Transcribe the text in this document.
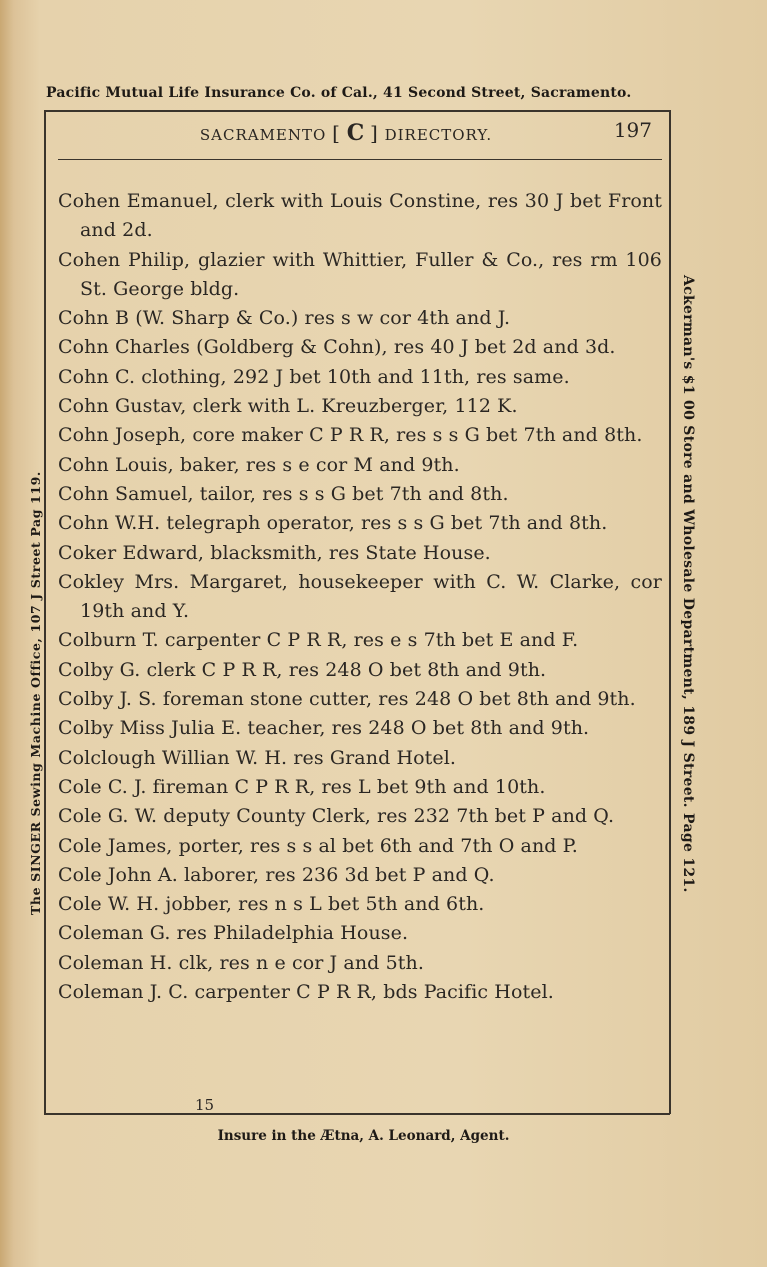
Pacific Mutual Life Insurance Co. of Cal., 41 Second Street, Sacramento.
SACRAMENTO [ C ] DIRECTORY.	197
Cohen Emanuel, clerk with Louis Constine, res 30 J bet Front and 2d.
Cohen Philip, glazier with Whittier, Fuller & Co., res rm 106 St. George bldg.
Cohn B (W. Sharp & Co.) res s w cor 4th and J.
Cohn Charles (Goldberg & Cohn), res 40 J bet 2d and 3d.
Cohn C. clothing, 292 J bet 10th and 11th, res same.
Cohn Gustav, clerk with L. Kreuzberger, 112 K.
Cohn Joseph, core maker C P R R, res s s G bet 7th and 8th.
Cohn Louis, baker, res s e cor M and 9th.
Cohn Samuel, tailor, res s s G bet 7th and 8th.
Cohn W.H. telegraph operator, res s s G bet 7th and 8th.
Coker Edward, blacksmith, res State House.
Cokley Mrs. Margaret, housekeeper with C. W. Clarke, cor 19th and Y.
Colburn T. carpenter C P R R, res e s 7th bet E and F.
Colby G. clerk C P R R, res 248 O bet 8th and 9th.
Colby J. S. foreman stone cutter, res 248 O bet 8th and 9th.
Colby Miss Julia E. teacher, res 248 O bet 8th and 9th.
Colclough Willian W. H. res Grand Hotel.
Cole C. J. fireman C P R R, res L bet 9th and 10th.
Cole G. W. deputy County Clerk, res 232 7th bet P and Q.
Cole James, porter, res s s al bet 6th and 7th O and P.
Cole John A. laborer, res 236 3d bet P and Q.
Cole W. H. jobber, res n s L bet 5th and 6th.
Coleman G. res Philadelphia House.
Coleman H. clk, res n e cor J and 5th.
Coleman J. C. carpenter C P R R, bds Pacific Hotel.
15
The SINGER Sewing Machine Office, 107 J Street Pag 119.	Ackerman's $1 00 Store and Wholesale Department, 189 J Street. Page 121.
Insure in the Ætna, A. Leonard, Agent.
